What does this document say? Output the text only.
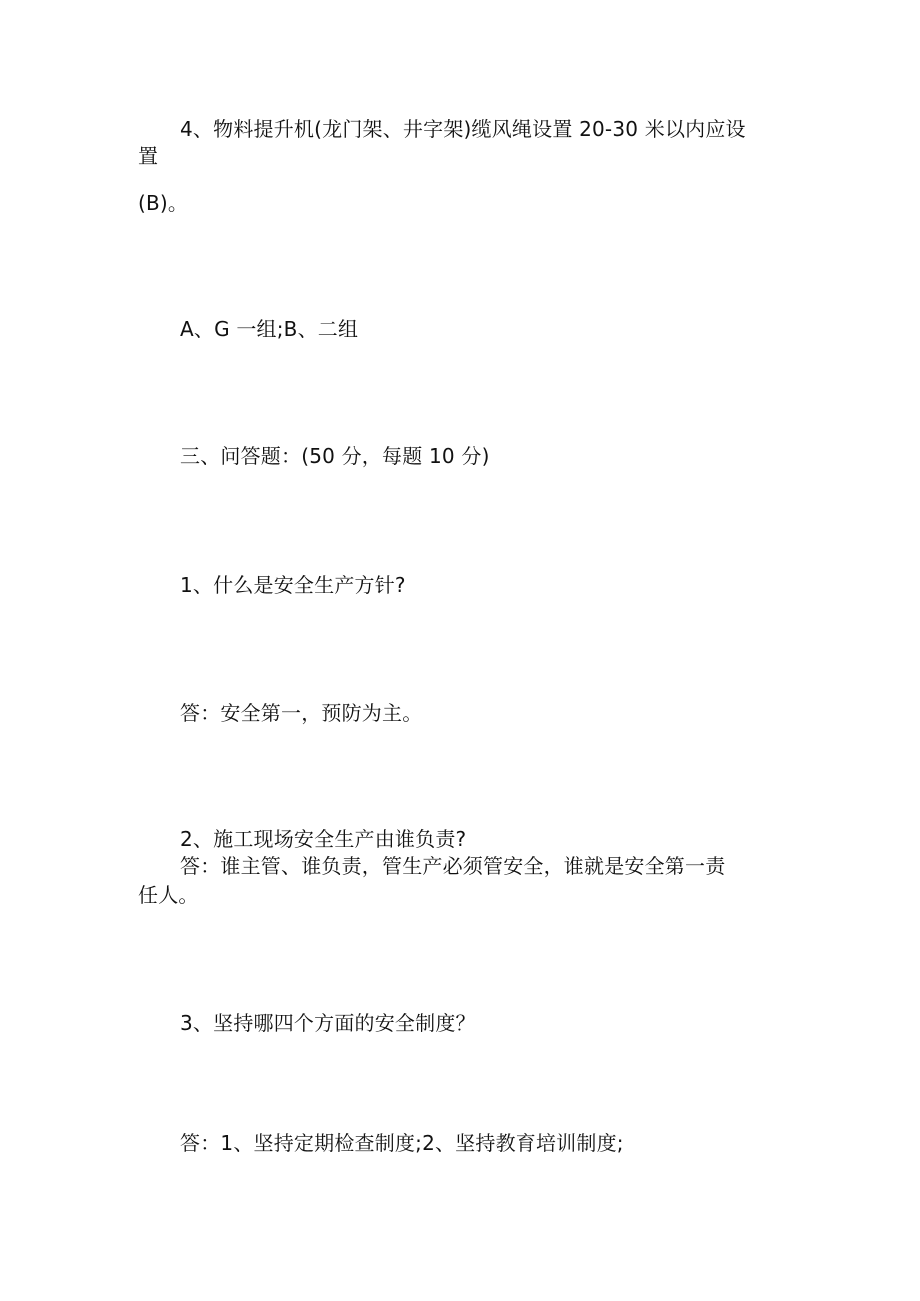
4、物料提升机(龙门架、井字架)缆风绳设置 20-30 米以内应设
置
(B)。
A、G 一组;B、二组
三、问答题：(50 分，每题 10 分)
1、什么是安全生产方针?
答：安全第一，预防为主。
2、施工现场安全生产由谁负责?
答：谁主管、谁负责，管生产必须管安全，谁就是安全第一责
任人。
3、坚持哪四个方面的安全制度？
答：1、坚持定期检查制度;2、坚持教育培训制度;
